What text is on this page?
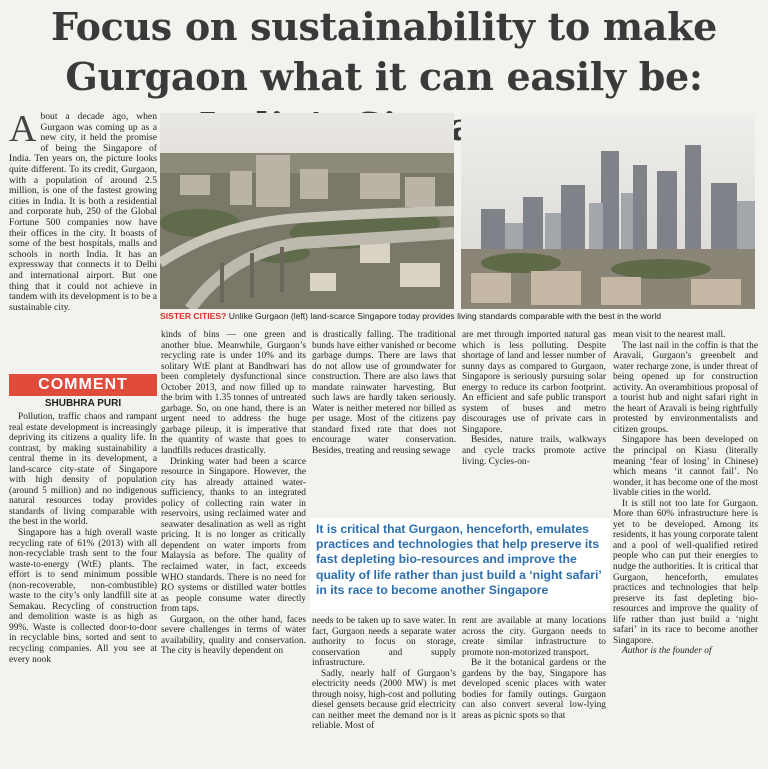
Focus on sustainability to make Gurgaon what it can easily be:
About a decade ago, when Gurgaon was coming up as a new city, it held the promise of being the Singapore of India. Ten years on, the picture looks quite different. To its credit, Gurgaon, with a population of around 2.5 million, is one of the fastest growing cities in India. It is both a residential and corporate hub, 250 of the Global Fortune 500 companies now have their offices in the city. It boasts of some of the best hospitals, malls and schools in north India. It has an expressway that connects it to Delhi and international airport. But one thing that it could not achieve in tandem with its development is to be a sustainable city.
COMMENT
SHUBHRA PURI
SISTER CITIES? Unlike Gurgaon (left) land-scarce Singapore today provides living standards comparable with the best in the world

Pollution, traffic chaos and rampant real estate development is increasingly depriving its citizens a quality life. In contrast, by making sustainability a central theme in its development, a land-scarce city-state of Singapore with high density of population (around 5 million) and no indigenous natural resources today provides standards of living comparable with the best in the world.

Singapore has a high overall waste recycling rate of 61% (2013) with all non-recyclable trash sent to the four waste-to-energy (WtE) plants. The effort is to send minimum possible (non-recoverable, non-combustible) waste to the city’s only landfill site at Semakau. Recycling of construction and demolition waste is as high as 99%. Waste is collected door-to-door in recyclable bins, sorted and sent to recycling companies. All you see at every nook

kinds of bins — one green and another blue. Meanwhile, Gurgaon’s recycling rate is under 10% and its solitary WtE plant at Bandhwari has been completely dysfunctional since October 2013, and now filled up to the brim with 1.35 tonnes of untreated garbage. So, on one hand, there is an urgent need to address the huge garbage pileup, it is imperative that the quantity of waste that goes to landfills reduces drastically.

Drinking water had been a scarce resource in Singapore. However, the city has already attained water-sufficiency, thanks to an integrated policy of collecting rain water in reservoirs, using reclaimed water and seawater desalination as well as right pricing. It is no longer as critically dependent on water imports from Malaysia as before. The quality of reclaimed water, in fact, exceeds WHO standards. There is no need for RO systems or distilled water bottles as people consume water directly from taps.

Gurgaon, on the other hand, faces severe challenges in terms of water availability, quality and conservation. The city is heavily dependent on

is drastically falling. The traditional bunds have either vanished or become garbage dumps. There are laws that do not allow use of groundwater for construction. There are also laws that mandate rainwater harvesting. But such laws are hardly taken seriously. Water is neither metered nor billed as per usage. Most of the citizens pay standard fixed rate that does not encourage water conservation. Besides, treating and reusing sewage

are met through imported natural gas which is less polluting. Despite shortage of land and lesser number of sunny days as compared to Gurgaon, Singapore is seriously pursuing solar energy to reduce its carbon footprint. An efficient and safe public transport system of buses and metro discourages use of private cars in Singapore.

Besides, nature trails, walkways and cycle tracks promote active living. Cycles-on-

It is critical that Gurgaon, henceforth, emulates practices and technologies that help preserve its fast depleting bio-resources and improve the quality of life rather than just build a ‘night safari’ in its race to become another Singapore

needs to be taken up to save water. In fact, Gurgaon needs a separate water authority to focus on storage, conservation and supply infrastructure.

Sadly, nearly half of Gurgaon’s electricity needs (2000 MW) is met through noisy, high-cost and polluting diesel gensets because grid electricity can neither meet the demand nor is it reliable. Most of

rent are available at many locations across the city. Gurgaon needs to create similar infrastructure to promote non-motorized transport.

Be it the botanical gardens or the gardens by the bay, Singapore has developed scenic places with water bodies for family outings. Gurgaon can also convert several low-lying areas as picnic spots so that

mean visit to the nearest mall.

The last nail in the coffin is that the Aravali, Gurgaon’s greenbelt and water recharge zone, is under threat of being opened up for construction activity. An overambitious proposal of a tourist hub and night safari right in the heart of Aravali is being rightfully protested by environmentalists and citizen groups.

Singapore has been developed on the principal on Kiasu (literally meaning ‘fear of losing’ in Chinese) which means ‘it cannot fail’. No wonder, it has become one of the most livable cities in the world.

It is still not too late for Gurgaon. More than 60% infrastructure here is yet to be developed. Among its residents, it has young corporate talent and a pool of well-qualified retired people who can put their energies to nudge the authorities. It is critical that Gurgaon, henceforth, emulates practices and technologies that help preserve its fast depleting bio-resources and improve the quality of life rather than just build a ‘night safari’ in its race to become another Singapore.

Author is the founder of
